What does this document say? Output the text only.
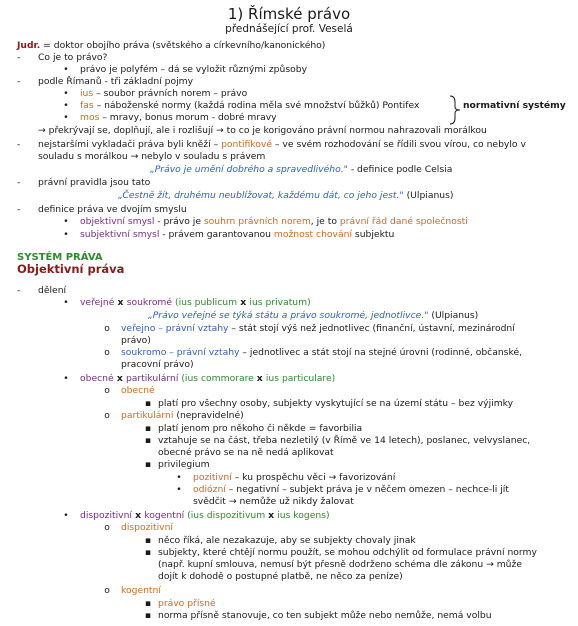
1) Římské právo
přednášející prof. Veselá
SYSTÉM PRÁVA
Objektivní práva
Judr. = doktor obojího práva (světského a církevního/kanonického)
-	Co je to právo?
• právo je polyfém – dá se vyložit různými způsoby
-	podle Římanů - tři základní pojmy
• ius – soubor právních norem – právo
• fas – náboženské normy (každá rodina měla své množství bůžků) Pontifex	normativní systémy
• mos – mravy, bonus morum - dobré mravy
→ překrývají se, doplňují, ale i rozlišují → to co je korigováno právní normou nahrazovali morálkou
-	nejstaršími vykladači práva byli kněží – pontifikové – ve svém rozhodování se řídili svou vírou, co nebylo v
souladu s morálkou → nebylo v souladu s právem
„Právo je umění dobrého a spravedlivého." - definice podle Celsia
-	právní pravidla jsou tato
„Čestně žít, druhému neublížovat, každému dát, co jeho jest." (Ulpianus)
-	definice práva ve dvojím smyslu
• objektivní smysl - právo je souhrn právních norem, je to právní řád dané společnosti
• subjektivní smysl - právem garantovanou možnost chování subjektu
-	dělení
• veřejné x soukromé (ius publicum x ius privatum)
„Právo veřejné se týká státu a právo soukromé, jednotlivce." (Ulpianus)
o veřejno – právní vztahy – stát stojí výš než jednotlivec (finanční, ústavní, mezinárodní
právo)
o soukromo – právní vztahy – jednotlivec a stát stojí na stejné úrovni (rodinné, občanské,
pracovní právo)
• obecné x partikulární (ius commorare x ius particulare)
o obecné
▪ platí pro všechny osoby, subjekty vyskytující se na území státu – bez výjimky
o partikulární (nepravidelné)
▪ platí jenom pro někoho či někde = favorbilia
▪ vztahuje se na část, třeba nezletilý (v Římě ve 14 letech), poslanec, velvyslanec,
obecné právo se na ně nedá aplikovat
▪ privilegium
• pozitivní – ku prospěchu věci → favorizování
• odiózní – negativní – subjekt práva je v něčem omezen – nechce-li jít
svědčit → nemůže už nikdy žalovat
• dispozitivní x kogentní (ius dispozitivum x ius kogens)
o dispozitivní
▪ něco říká, ale nezakazuje, aby se subjekty chovaly jinak
▪ subjekty, které chtějí normu použít, se mohou odchýlit od formulace právní normy
(např. kupní smlouva, nemusí být přesně dodrženo schéma dle zákonu → může
dojít k dohodě o postupné platbě, ne něco za peníze)
o kogentní
▪ právo přísné
▪ norma přísně stanovuje, co ten subjekt může nebo nemůže, nemá volbu
